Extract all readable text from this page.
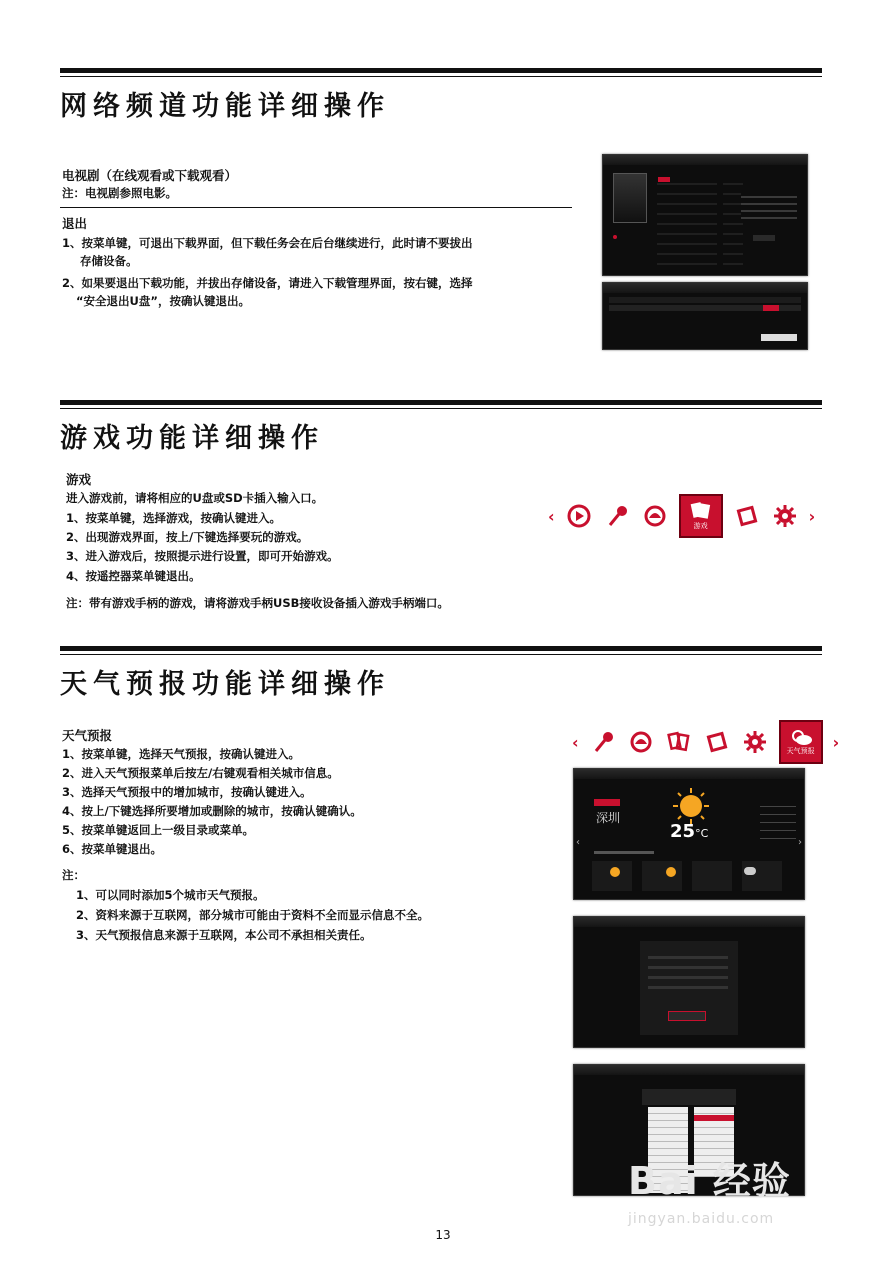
网络频道功能详细操作
电视剧（在线观看或下载观看）
注：电视剧参照电影。
退出
1、按菜单键，可退出下载界面，但下载任务会在后台继续进行，此时请不要拔出
存储设备。
2、如果要退出下载功能，并拔出存储设备，请进入下载管理界面，按右键，选择
“安全退出U盘”，按确认键退出。
游戏功能详细操作
游戏
进入游戏前，请将相应的U盘或SD卡插入输入口。
1、按菜单键，选择游戏，按确认键进入。
2、出现游戏界面，按上/下键选择要玩的游戏。
3、进入游戏后，按照提示进行设置，即可开始游戏。
4、按遥控器菜单键退出。
注：带有游戏手柄的游戏，请将游戏手柄USB接收设备插入游戏手柄端口。
‹
游戏
›
天气预报功能详细操作
天气预报
1、按菜单键，选择天气预报，按确认键进入。
2、进入天气预报菜单后按左/右键观看相关城市信息。
3、选择天气预报中的增加城市，按确认键进入。
4、按上/下键选择所要增加或删除的城市，按确认键确认。
5、按菜单键返回上一级目录或菜单。
6、按菜单键退出。
注：
1、可以同时添加5个城市天气预报。
2、资料来源于互联网，部分城市可能由于资料不全而显示信息不全。
3、天气预报信息来源于互联网，本公司不承担相关责任。
‹	天气预报 ›
深圳
25°C
‹	›
13
Bai 经验
jingyan.baidu.com
